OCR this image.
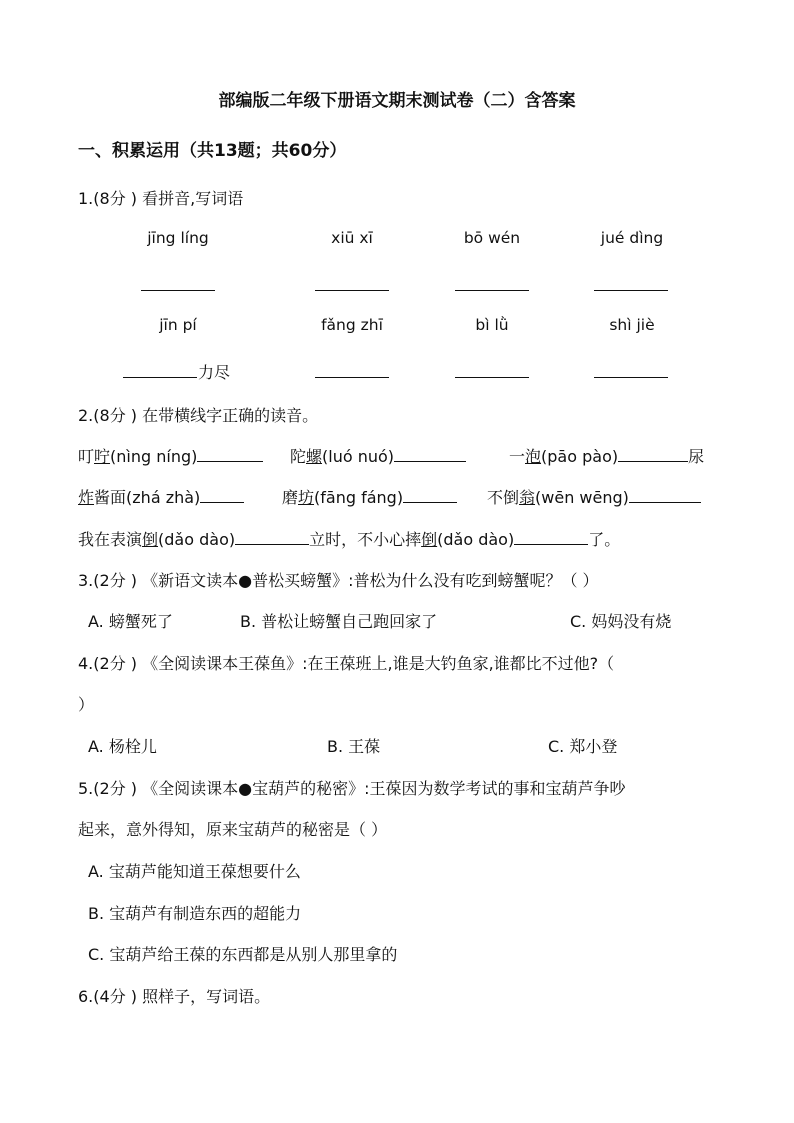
部编版二年级下册语文期末测试卷（二）含答案
一、积累运用（共13题；共60分）
1.(8分 ) 看拼音,写词语
jīng líng	xiū xī	bō wén	jué dìng
jīn pí	fǎng zhī	bì lǜ	shì jiè
力尽
2.(8分 ) 在带横线字正确的读音。
叮咛(nìng níng)	陀螺(luó nuó)	一泡(pāo pào)	尿
炸酱面(zhá zhà)	磨坊(fāng fáng)	不倒翁(wēn wēng)
我在表演倒(dǎo dào)	立时，不小心摔倒(dǎo dào)	了。
3.(2分 ) 《新语文读本●普松买螃蟹》:普松为什么没有吃到螃蟹呢？（ ）
A. 螃蟹死了	B. 普松让螃蟹自己跑回家了	C. 妈妈没有烧
4.(2分 ) 《全阅读课本王葆鱼》:在王葆班上,谁是大钓鱼家,谁都比不过他?（
）
A. 杨栓儿	B. 王葆	C. 郑小登
5.(2分 ) 《全阅读课本●宝葫芦的秘密》:王葆因为数学考试的事和宝葫芦争吵
起来，意外得知，原来宝葫芦的秘密是（ ）
A. 宝葫芦能知道王葆想要什么
B. 宝葫芦有制造东西的超能力
C. 宝葫芦给王葆的东西都是从别人那里拿的
6.(4分 ) 照样子，写词语。
